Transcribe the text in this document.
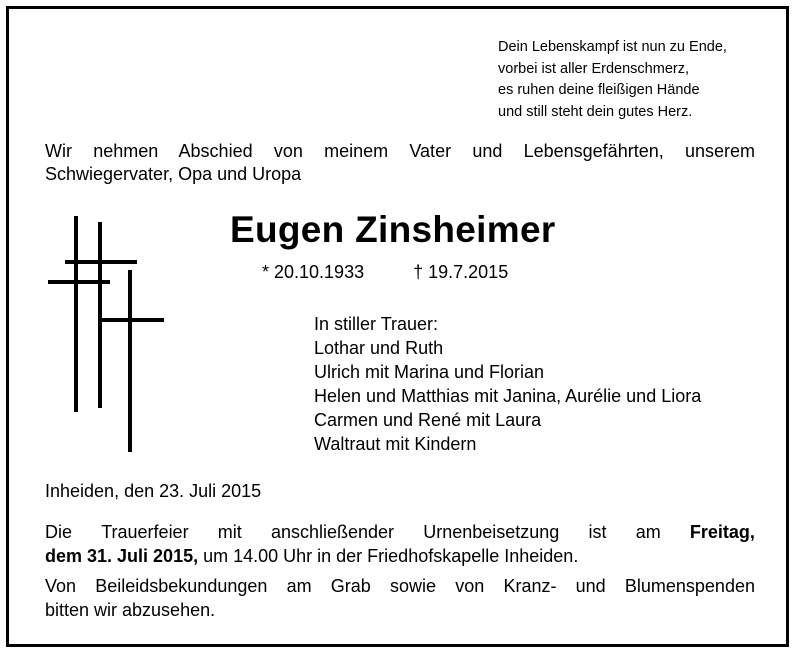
Dein Lebenskampf ist nun zu Ende,
vorbei ist aller Erdenschmerz,
es ruhen deine fleißigen Hände
und still steht dein gutes Herz.
Wir nehmen Abschied von meinem Vater und Lebensgefährten, unserem Schwiegervater, Opa und Uropa
Eugen Zinsheimer
* 20.10.1933	† 19.7.2015
In stiller Trauer:
Lothar und Ruth
Ulrich mit Marina und Florian
Helen und Matthias mit Janina, Aurélie und Liora
Carmen und René mit Laura
Waltraut mit Kindern
Inheiden, den 23. Juli 2015
Die Trauerfeier mit anschließender Urnenbeisetzung ist am Freitag,
dem 31. Juli 2015, um 14.00 Uhr in der Friedhofskapelle Inheiden.
Von Beileidsbekundungen am Grab sowie von Kranz- und Blumenspenden
bitten wir abzusehen.
